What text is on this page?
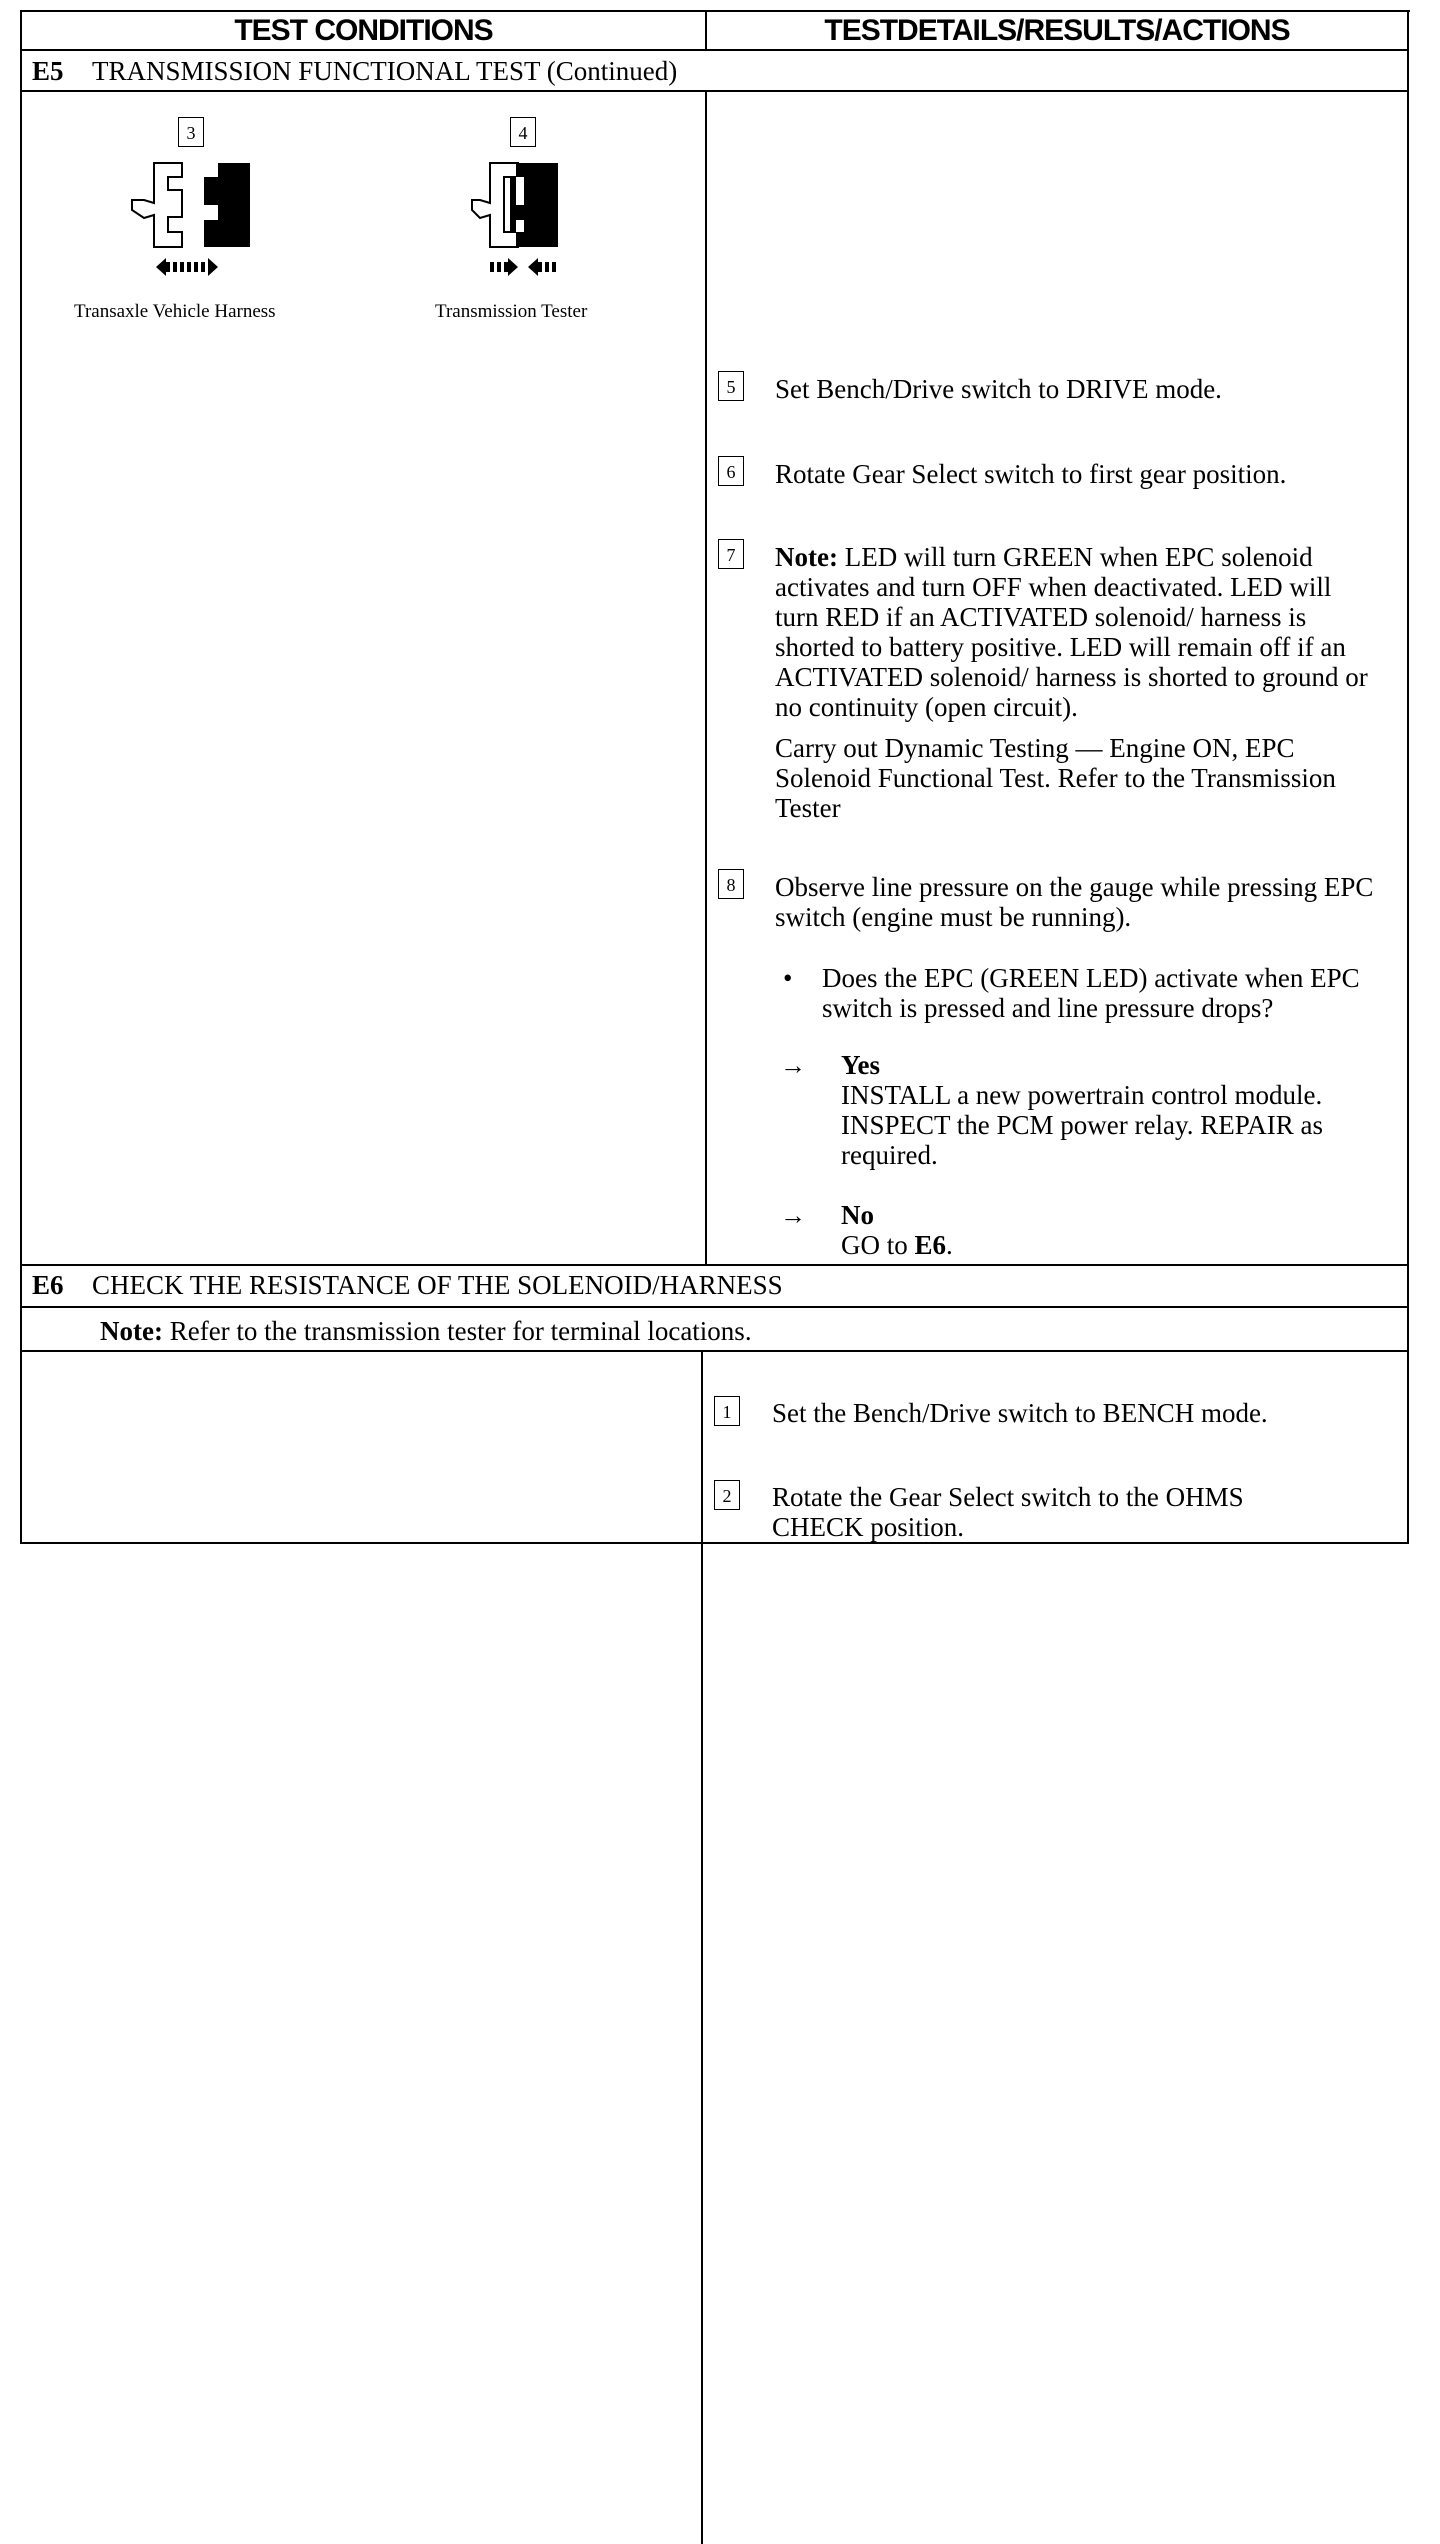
TEST CONDITIONS	TESTDETAILS/RESULTS/ACTIONS
E5 TRANSMISSION FUNCTIONAL TEST (Continued)
3
Transaxle Vehicle Harness
4
Transmission Tester
5	Set Bench/Drive switch to DRIVE mode.
6	Rotate Gear Select switch to first gear position.
7	Note: LED will turn GREEN when EPC solenoid activates and turn OFF when deactivated. LED will turn RED if an ACTIVATED solenoid/ harness is shorted to battery positive. LED will remain off if an ACTIVATED solenoid/ harness is shorted to ground or no continuity (open circuit).
Carry out Dynamic Testing — Engine ON, EPC Solenoid Functional Test. Refer to the Transmission Tester
8	Observe line pressure on the gauge while pressing EPC switch (engine must be running).
• Does the EPC (GREEN LED) activate when EPC switch is pressed and line pressure drops?
→ Yes
INSTALL a new powertrain control module. INSPECT the PCM power relay. REPAIR as required.
→ No
GO to E6.
E6 CHECK THE RESISTANCE OF THE SOLENOID/HARNESS
Note: Refer to the transmission tester for terminal locations.
1	Set the Bench/Drive switch to BENCH mode.
2	Rotate the Gear Select switch to the OHMS CHECK position.
